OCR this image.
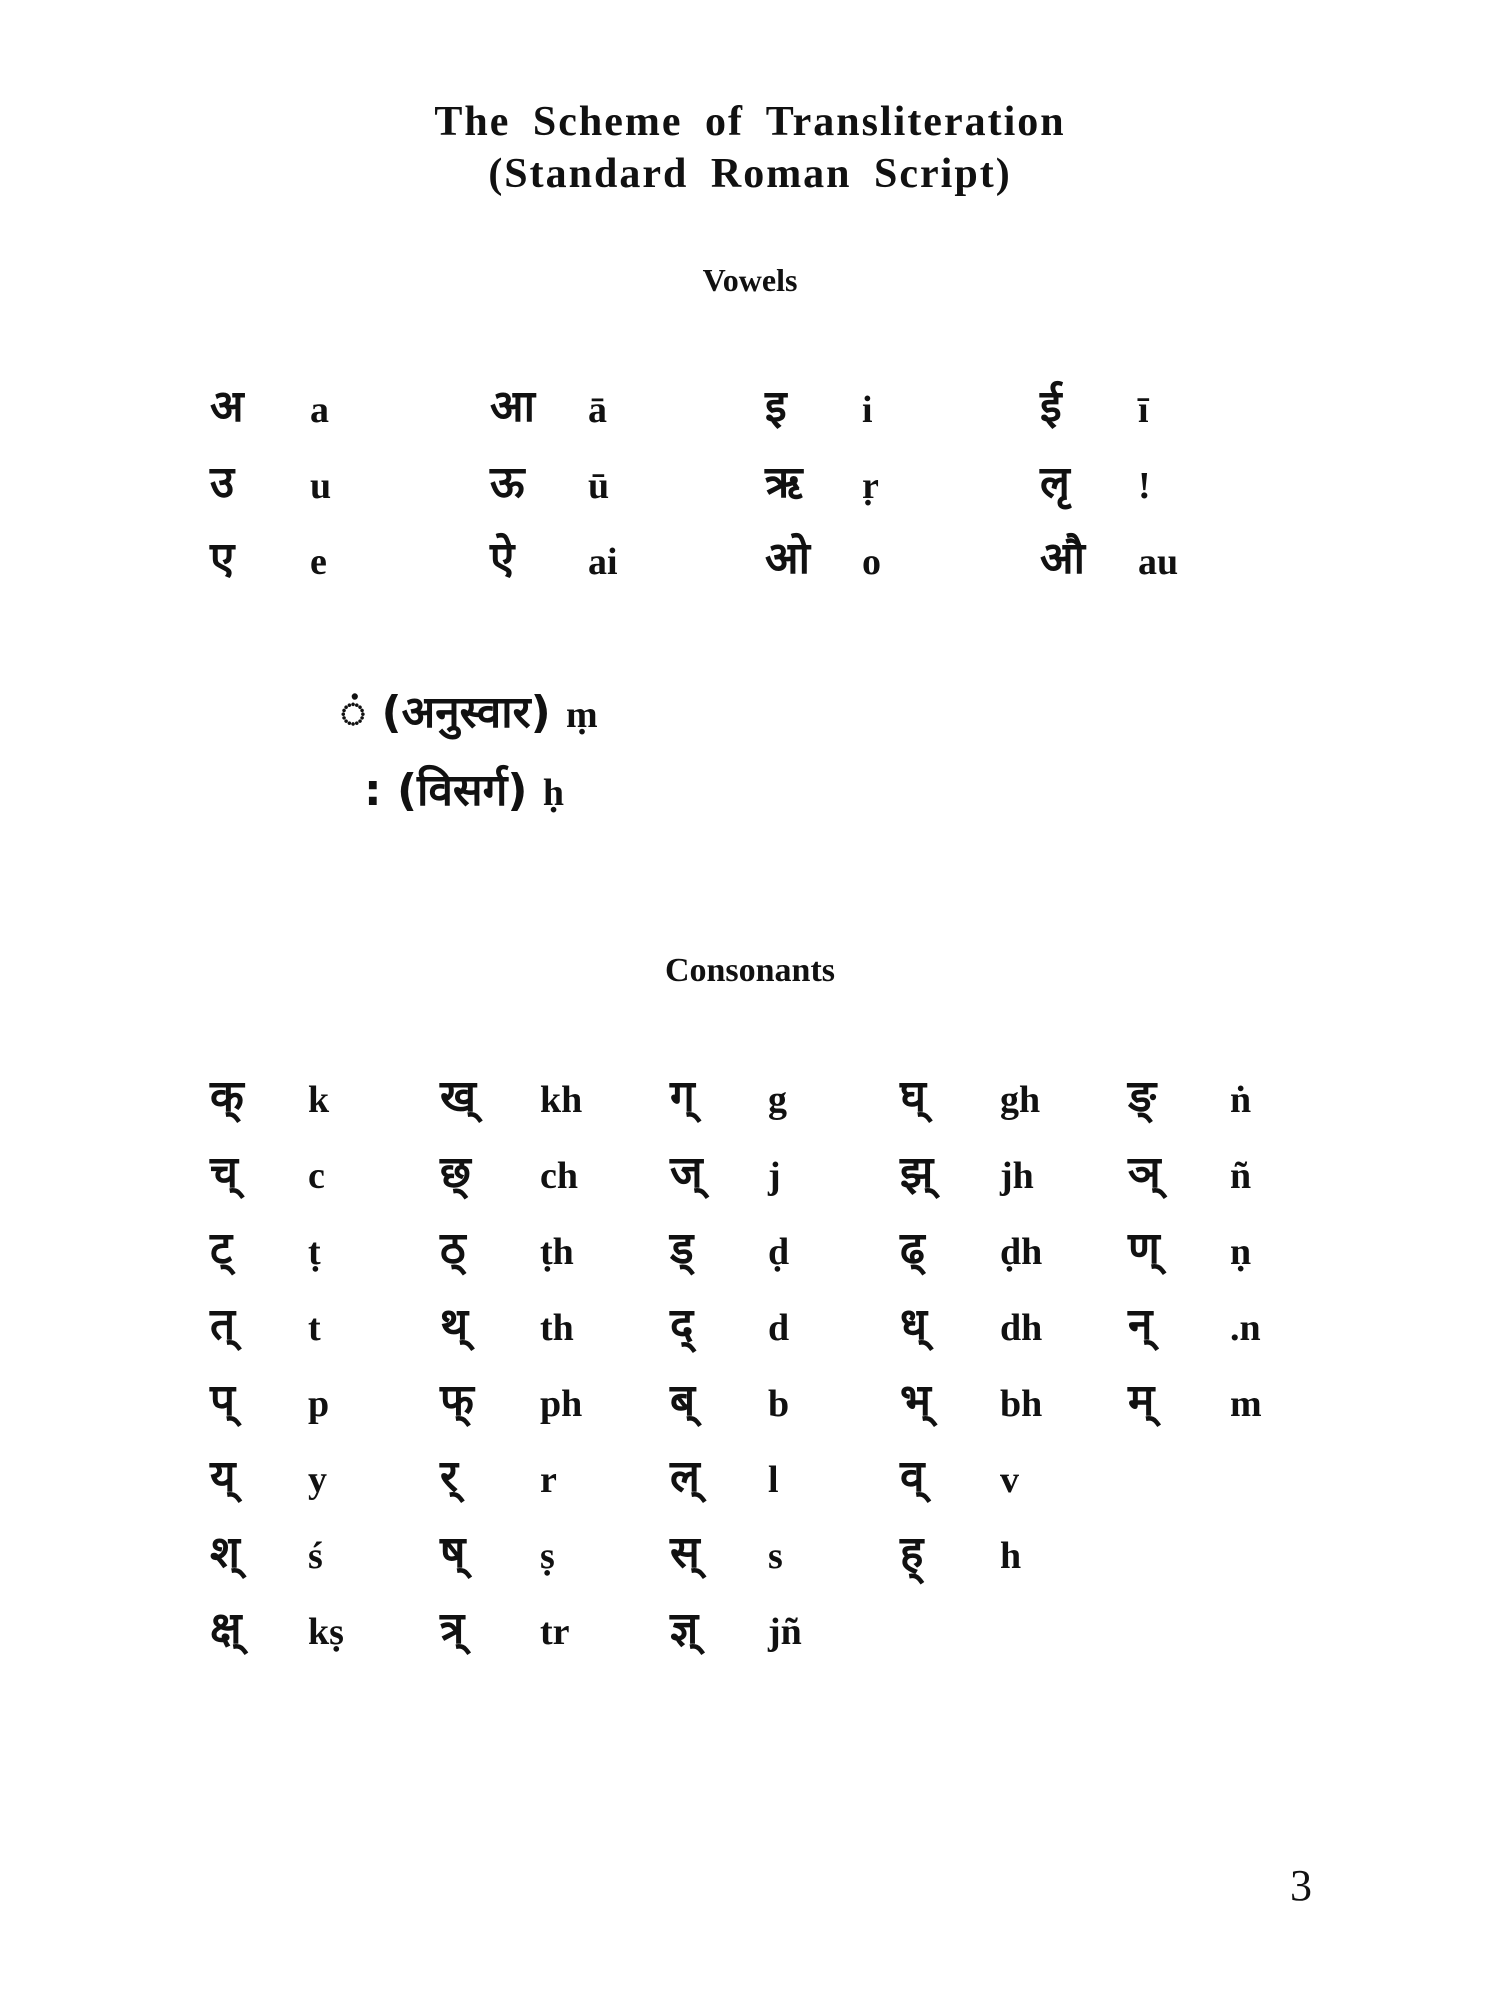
The Scheme of Transliteration
(Standard Roman Script)
Vowels
अ a	आ ā	इ i	ई ī
उ u	ऊ ū	ऋ ṛ	लृ !
ए e	ऐ ai	ओ o	औ au
ं (अनुस्वार) ṃ
: (विसर्ग) ḥ
Consonants
क् k	ख् kh ग् g	घ् gh ङ् ṅ
च् c	छ् ch ज् j	झ् jh ञ् ñ
ट् ṭ	ठ् ṭh ड् ḍ	ढ् ḍh ण् ṇ
त् t	थ् th द् d	ध् dh न् .n
प् p	फ् ph ब् b	भ् bh म् m
य् y	र् r	ल् l	व् v
श् ś	ष् ṣ	स् s	ह् h
क्ष् kṣ त्र् tr ज्ञ् jñ
3
